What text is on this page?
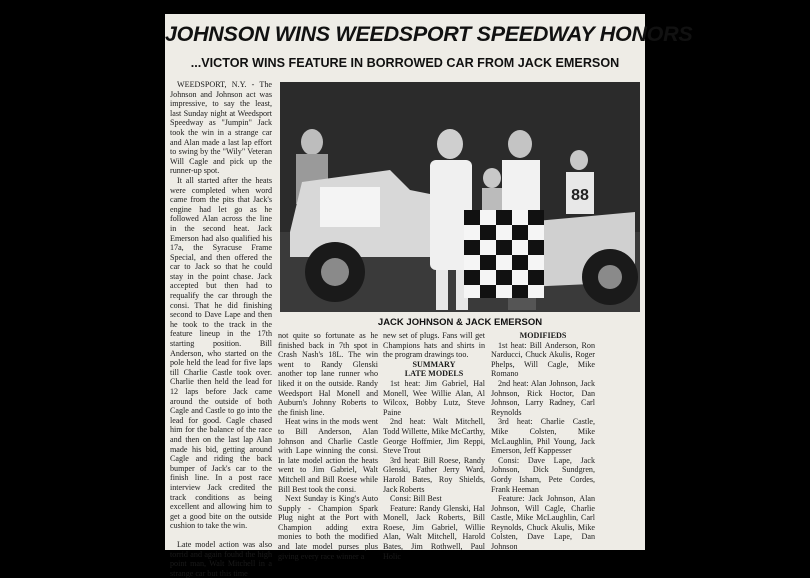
JOHNSON WINS WEEDSPORT SPEEDWAY HONORS
...VICTOR WINS FEATURE IN BORROWED CAR FROM JACK EMERSON

WEEDSPORT, N.Y. - The Johnson and Johnson act was impressive, to say the least, last Sunday night at Weedsport Speedway as "Jumpin" Jack took the win in a strange car and Alan made a last lap effort to swing by the "Wily" Veteran Will Cagle and pick up the runner-up spot.

It all started after the heats were completed when word came from the pits that Jack's engine had let go as he followed Alan across the line in the second heat. Jack Emerson had also qualified his 17a, the Syracuse Frame Special, and then offered the car to Jack so that he could stay in the point chase. Jack accepted but then had to requalify the car through the consi. That he did finishing second to Dave Lape and then he took to the track in the feature lineup in the 17th starting position. Bill Anderson, who started on the pole held the lead for five laps till Charlie Castle took over. Charlie then held the lead for 12 laps before Jack came around the outside of both Cagle and Castle to go into the lead for good. Cagle chased him for the balance of the race and then on the last lap Alan made his bid, getting around Cagle and riding the back bumper of Jack's car to the finish line. In a post race interview Jack credited the track conditions as being excellent and allowing him to get a good bite on the outside cushion to take the win.

Late model action was also torrid and again fouhd the high point man, Walt Mitchell in a strange car but this time

88
JACK JOHNSON & JACK EMERSON

not quite so fortunate as he finished back in 7th spot in Crash Nash's 18L. The win went to Randy Glenski another top lane runner who liked it on the outside. Randy Weedsport Hal Monell and Auburn's Johnny Roberts to the finish line.

Heat wins in the mods went to Bill Anderson, Alan Johnson and Charlie Castle with Lape winning the consi. In late model action the heats went to Jim Gabriel, Walt Mitchell and Bill Roese while Bill Best took the consi.

Next Sunday is King's Auto Supply - Champion Spark Plug night at the Port with Champion adding extra monies to both the modified and late model purses plus giving every race winner a

new set of plugs. Fans will get Champions hats and shirts in the program drawings too.

SUMMARY

LATE MODELS

1st heat: Jim Gabriel, Hal Monell, Wee Willie Alan, Al Wilcox, Bobby Lutz, Steve Paine

2nd heat: Walt Mitchell, Todd Willette, Mike McCarthy, George Hoffmier, Jim Reppi, Steve Trout

3rd heat: Bill Roese, Randy Glenski, Father Jerry Ward, Harold Bates, Roy Shields, Jack Roberts

Consi: Bill Best

Feature: Randy Glenski, Hal Monell, Jack Roberts, Bill Roese, Jim Gabriel, Willie Alan, Walt Mitchell, Harold Bates, Jim Rothwell, Paul Holic

MODIFIEDS

1st heat: Bill Anderson, Ron Narducci, Chuck Akulis, Roger Phelps, Will Cagle, Mike Romano

2nd heat: Alan Johnson, Jack Johnson, Rick Hoctor, Dan Johnson, Larry Radney, Carl Reynolds

3rd heat: Charlie Castle, Mike Colsten, Mike McLaughlin, Phil Young, Jack Emerson, Jeff Kappesser

Consi: Dave Lape, Jack Johnson, Dick Sundgren, Gordy Isham, Pete Cordes, Frank Heeman

Feature: Jack Johnson, Alan Johnson, Will Cagle, Charlie Castle, Mike McLaughlin, Carl Reynolds, Chuck Akulis, Mike Colsten, Dave Lape, Dan Johnson
